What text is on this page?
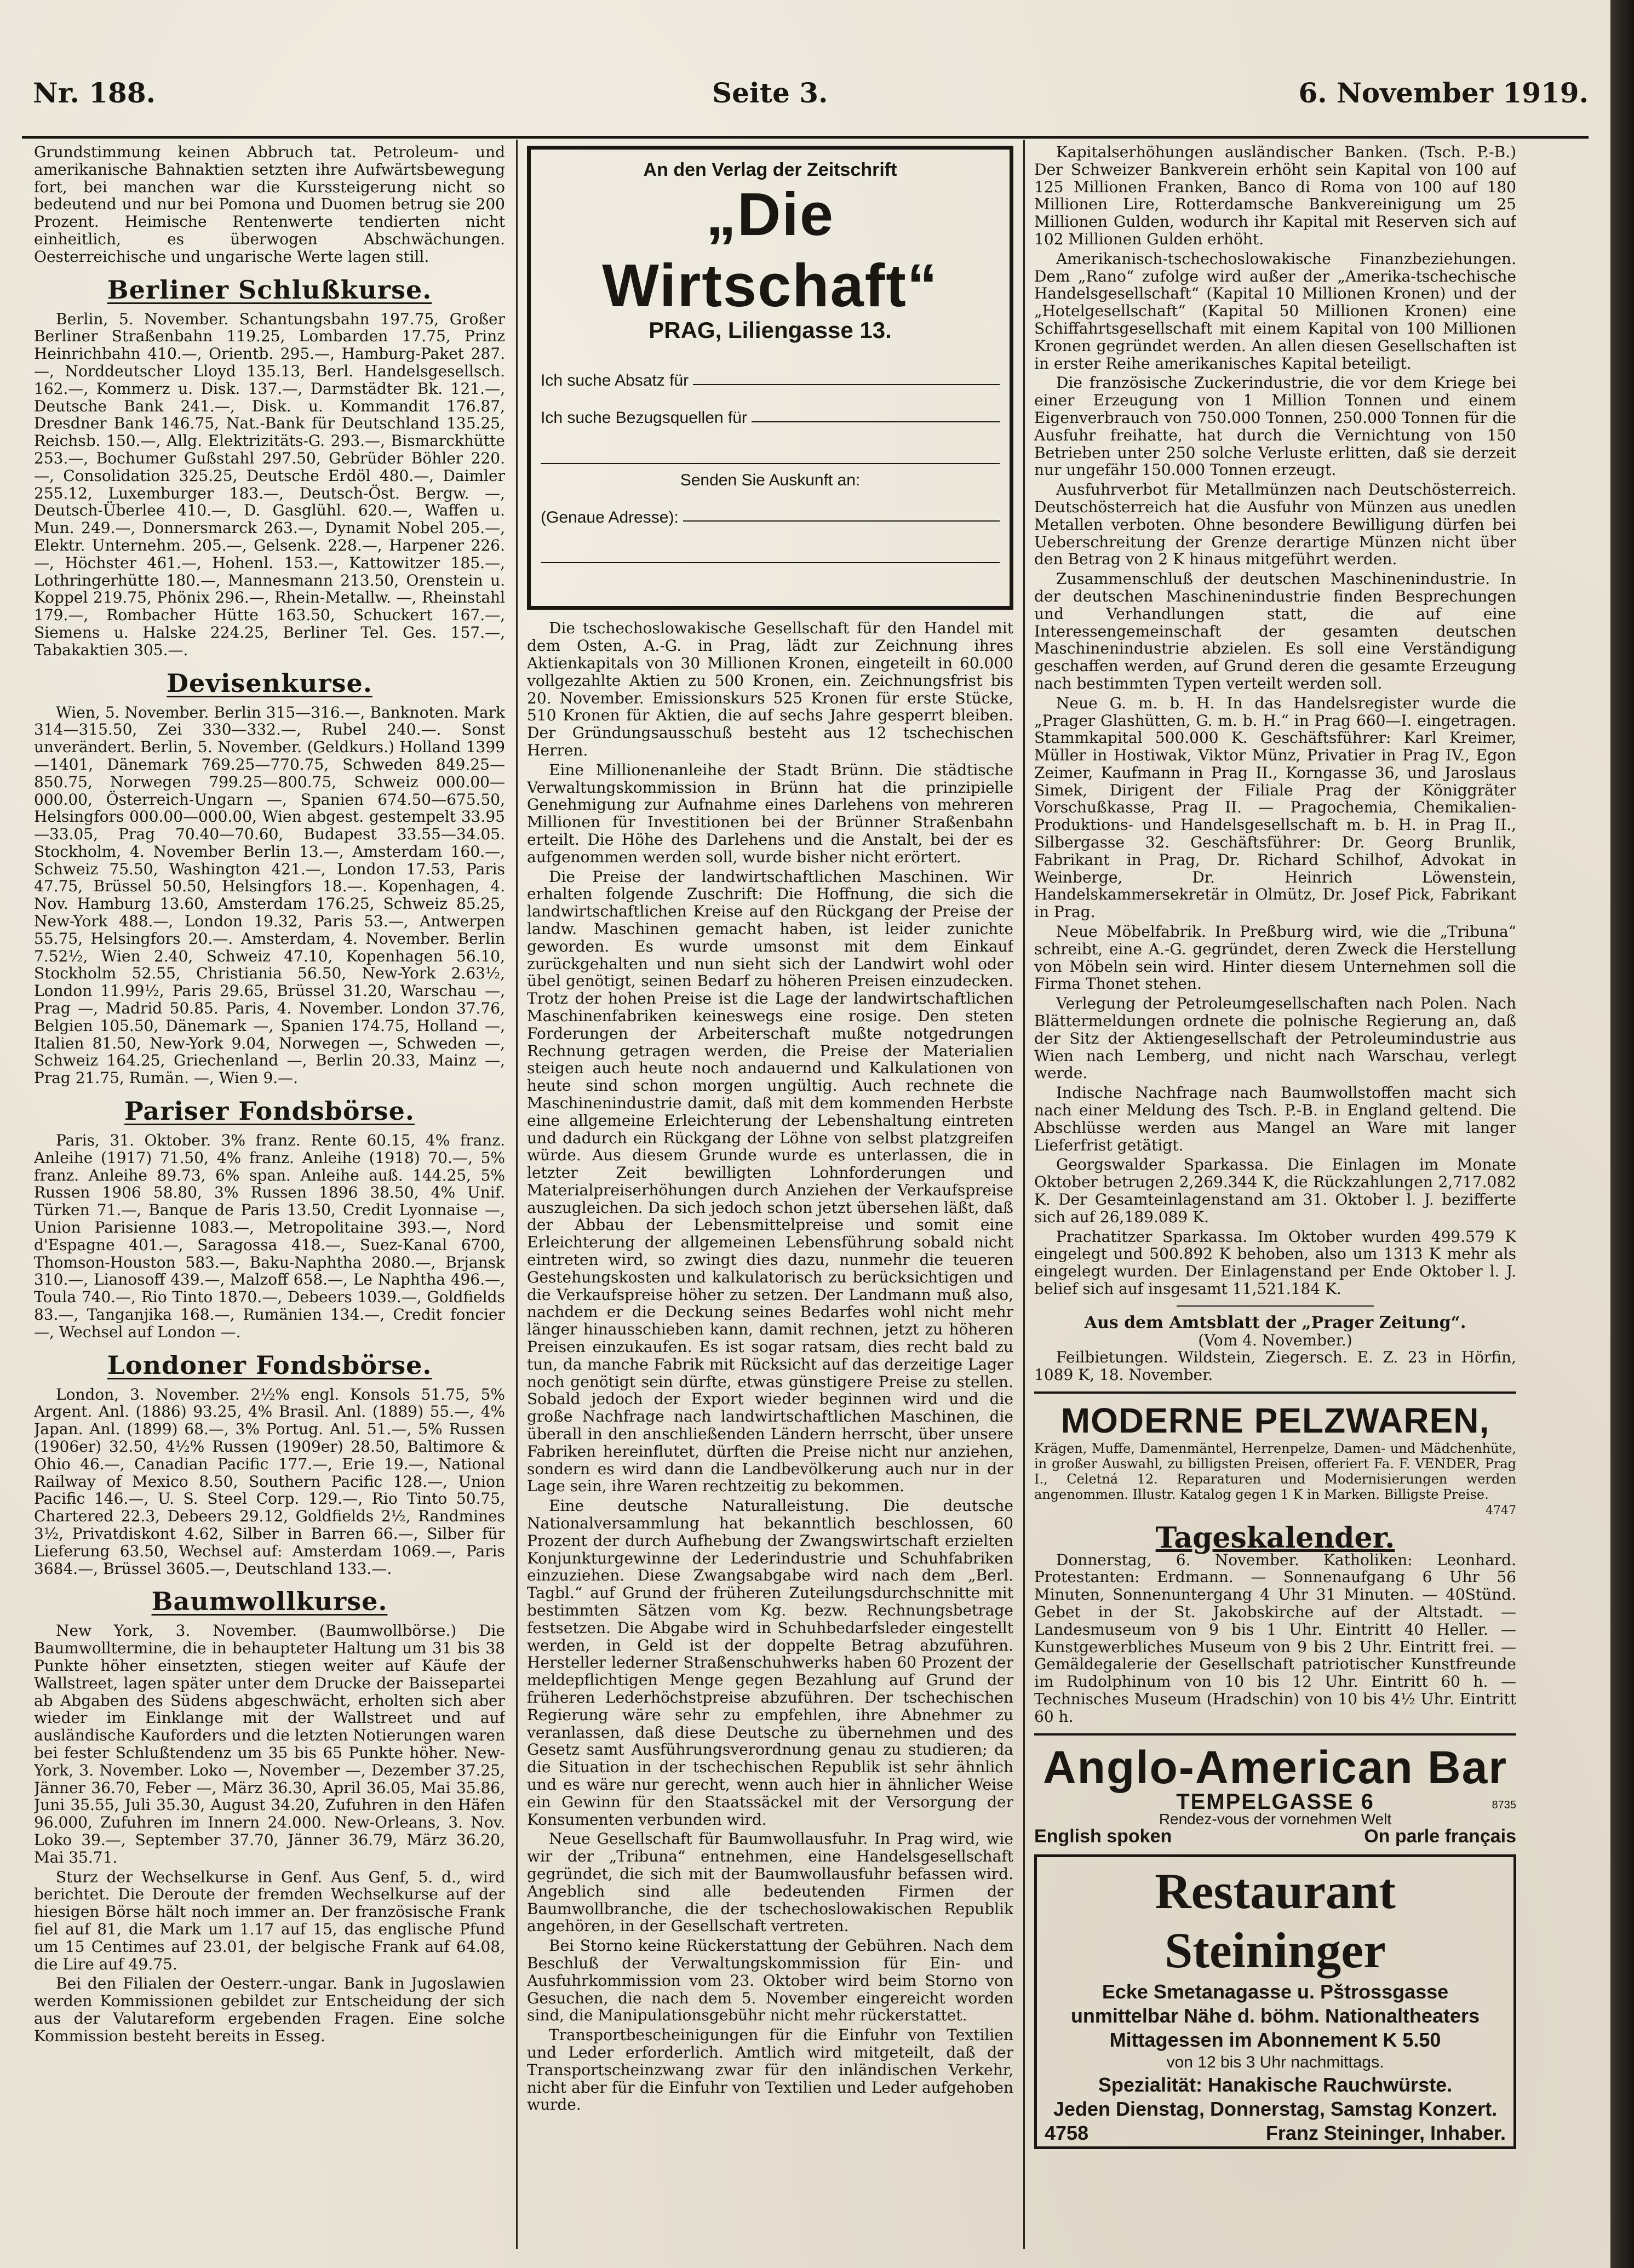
Nr. 188.	Seite 3.	6. November 1919.

Grundstimmung keinen Abbruch tat. Petroleum- und amerikanische Bahnaktien setzten ihre Aufwärtsbewegung fort, bei manchen war die Kurssteigerung nicht so bedeutend und nur bei Pomona und Duomen betrug sie 200 Prozent. Heimische Rentenwerte tendierten nicht einheitlich, es überwogen Abschwächungen. Oesterreichische und ungarische Werte lagen still.

Berliner Schlußkurse.

Berlin, 5. November. Schantungsbahn 197.75, Großer Berliner Straßenbahn 119.25, Lombarden 17.75, Prinz Heinrichbahn 410.—, Orientb. 295.—, Hamburg-Paket 287.—, Norddeutscher Lloyd 135.13, Berl. Handelsgesellsch. 162.—, Kommerz u. Disk. 137.—, Darmstädter Bk. 121.—, Deutsche Bank 241.—, Disk. u. Kommandit 176.87, Dresdner Bank 146.75, Nat.-Bank für Deutschland 135.25, Reichsb. 150.—, Allg. Elektrizitäts-G. 293.—, Bismarckhütte 253.—, Bochumer Gußstahl 297.50, Gebrüder Böhler 220.—, Consolidation 325.25, Deutsche Erdöl 480.—, Daimler 255.12, Luxemburger 183.—, Deutsch-Öst. Bergw. —, Deutsch-Überlee 410.—, D. Gasglühl. 620.—, Waffen u. Mun. 249.—, Donnersmarck 263.—, Dynamit Nobel 205.—, Elektr. Unternehm. 205.—, Gelsenk. 228.—, Harpener 226.—, Höchster 461.—, Hohenl. 153.—, Kattowitzer 185.—, Lothringerhütte 180.—, Mannesmann 213.50, Orenstein u. Koppel 219.75, Phönix 296.—, Rhein-Metallw. —, Rheinstahl 179.—, Rombacher Hütte 163.50, Schuckert 167.—, Siemens u. Halske 224.25, Berliner Tel. Ges. 157.—, Tabakaktien 305.—.

Devisenkurse.

Wien, 5. November. Berlin 315—316.—, Banknoten. Mark 314—315.50, Zei 330—332.—, Rubel 240.—. Sonst unverändert. Berlin, 5. November. (Geldkurs.) Holland 1399—1401, Dänemark 769.25—770.75, Schweden 849.25—850.75, Norwegen 799.25—800.75, Schweiz 000.00—000.00, Österreich-Ungarn —, Spanien 674.50—675.50, Helsingfors 000.00—000.00, Wien abgest. gestempelt 33.95—33.05, Prag 70.40—70.60, Budapest 33.55—34.05. Stockholm, 4. November Berlin 13.—, Amsterdam 160.—, Schweiz 75.50, Washington 421.—, London 17.53, Paris 47.75, Brüssel 50.50, Helsingfors 18.—. Kopenhagen, 4. Nov. Hamburg 13.60, Amsterdam 176.25, Schweiz 85.25, New-York 488.—, London 19.32, Paris 53.—, Antwerpen 55.75, Helsingfors 20.—. Amsterdam, 4. November. Berlin 7.52½, Wien 2.40, Schweiz 47.10, Kopenhagen 56.10, Stockholm 52.55, Christiania 56.50, New-York 2.63½, London 11.99½, Paris 29.65, Brüssel 31.20, Warschau —, Prag —, Madrid 50.85. Paris, 4. November. London 37.76, Belgien 105.50, Dänemark —, Spanien 174.75, Holland —, Italien 81.50, New-York 9.04, Norwegen —, Schweden —, Schweiz 164.25, Griechenland —, Berlin 20.33, Mainz —, Prag 21.75, Rumän. —, Wien 9.—.

Pariser Fondsbörse.

Paris, 31. Oktober. 3% franz. Rente 60.15, 4% franz. Anleihe (1917) 71.50, 4% franz. Anleihe (1918) 70.—, 5% franz. Anleihe 89.73, 6% span. Anleihe auß. 144.25, 5% Russen 1906 58.80, 3% Russen 1896 38.50, 4% Unif. Türken 71.—, Banque de Paris 13.50, Credit Lyonnaise —, Union Parisienne 1083.—, Metropolitaine 393.—, Nord d'Espagne 401.—, Saragossa 418.—, Suez-Kanal 6700, Thomson-Houston 583.—, Baku-Naphtha 2080.—, Brjansk 310.—, Lianosoff 439.—, Malzoff 658.—, Le Naphtha 496.—, Toula 740.—, Rio Tinto 1870.—, Debeers 1039.—, Goldfields 83.—, Tanganjika 168.—, Rumänien 134.—, Credit foncier —, Wechsel auf London —.

Londoner Fondsbörse.

London, 3. November. 2½% engl. Konsols 51.75, 5% Argent. Anl. (1886) 93.25, 4% Brasil. Anl. (1889) 55.—, 4% Japan. Anl. (1899) 68.—, 3% Portug. Anl. 51.—, 5% Russen (1906er) 32.50, 4½% Russen (1909er) 28.50, Baltimore & Ohio 46.—, Canadian Pacific 177.—, Erie 19.—, National Railway of Mexico 8.50, Southern Pacific 128.—, Union Pacific 146.—, U. S. Steel Corp. 129.—, Rio Tinto 50.75, Chartered 22.3, Debeers 29.12, Goldfields 2½, Randmines 3½, Privatdiskont 4.62, Silber in Barren 66.—, Silber für Lieferung 63.50, Wechsel auf: Amsterdam 1069.—, Paris 3684.—, Brüssel 3605.—, Deutschland 133.—.

Baumwollkurse.

New York, 3. November. (Baumwollbörse.) Die Baumwolltermine, die in behaupteter Haltung um 31 bis 38 Punkte höher einsetzten, stiegen weiter auf Käufe der Wallstreet, lagen später unter dem Drucke der Baissepartei ab Abgaben des Südens abgeschwächt, erholten sich aber wieder im Einklange mit der Wallstreet und auf ausländische Kauforders und die letzten Notierungen waren bei fester Schlußtendenz um 35 bis 65 Punkte höher. New-York, 3. November. Loko —, November —, Dezember 37.25, Jänner 36.70, Feber —, März 36.30, April 36.05, Mai 35.86, Juni 35.55, Juli 35.30, August 34.20, Zufuhren in den Häfen 96.000, Zufuhren im Innern 24.000. New-Orleans, 3. Nov. Loko 39.—, September 37.70, Jänner 36.79, März 36.20, Mai 35.71.

Sturz der Wechselkurse in Genf. Aus Genf, 5. d., wird berichtet. Die Deroute der fremden Wechselkurse auf der hiesigen Börse hält noch immer an. Der französische Frank fiel auf 81, die Mark um 1.17 auf 15, das englische Pfund um 15 Centimes auf 23.01, der belgische Frank auf 64.08, die Lire auf 49.75.

Bei den Filialen der Oesterr.-ungar. Bank in Jugoslawien werden Kommissionen gebildet zur Entscheidung der sich aus der Valutareform ergebenden Fragen. Eine solche Kommission besteht bereits in Esseg.

An den Verlag der Zeitschrift
„Die Wirtschaft“
PRAG, Liliengasse 13.
Ich suche Absatz für
Ich suche Bezugsquellen für
Senden Sie Auskunft an:
(Genaue Adresse):

Die tschechoslowakische Gesellschaft für den Handel mit dem Osten, A.-G. in Prag, lädt zur Zeichnung ihres Aktienkapitals von 30 Millionen Kronen, eingeteilt in 60.000 vollgezahlte Aktien zu 500 Kronen, ein. Zeichnungsfrist bis 20. November. Emissionskurs 525 Kronen für erste Stücke, 510 Kronen für Aktien, die auf sechs Jahre gesperrt bleiben. Der Gründungsausschuß besteht aus 12 tschechischen Herren.

Eine Millionenanleihe der Stadt Brünn. Die städtische Verwaltungskommission in Brünn hat die prinzipielle Genehmigung zur Aufnahme eines Darlehens von mehreren Millionen für Investitionen bei der Brünner Straßenbahn erteilt. Die Höhe des Darlehens und die Anstalt, bei der es aufgenommen werden soll, wurde bisher nicht erörtert.

Die Preise der landwirtschaftlichen Maschinen. Wir erhalten folgende Zuschrift: Die Hoffnung, die sich die landwirtschaftlichen Kreise auf den Rückgang der Preise der landw. Maschinen gemacht haben, ist leider zunichte geworden. Es wurde umsonst mit dem Einkauf zurückgehalten und nun sieht sich der Landwirt wohl oder übel genötigt, seinen Bedarf zu höheren Preisen einzudecken. Trotz der hohen Preise ist die Lage der landwirtschaftlichen Maschinenfabriken keineswegs eine rosige. Den steten Forderungen der Arbeiterschaft mußte notgedrungen Rechnung getragen werden, die Preise der Materialien steigen auch heute noch andauernd und Kalkulationen von heute sind schon morgen ungültig. Auch rechnete die Maschinenindustrie damit, daß mit dem kommenden Herbste eine allgemeine Erleichterung der Lebenshaltung eintreten und dadurch ein Rückgang der Löhne von selbst platzgreifen würde. Aus diesem Grunde wurde es unterlassen, die in letzter Zeit bewilligten Lohnforderungen und Materialpreiserhöhungen durch Anziehen der Verkaufspreise auszugleichen. Da sich jedoch schon jetzt übersehen läßt, daß der Abbau der Lebensmittelpreise und somit eine Erleichterung der allgemeinen Lebensführung sobald nicht eintreten wird, so zwingt dies dazu, nunmehr die teueren Gestehungskosten und kalkulatorisch zu berücksichtigen und die Verkaufspreise höher zu setzen. Der Landmann muß also, nachdem er die Deckung seines Bedarfes wohl nicht mehr länger hinausschieben kann, damit rechnen, jetzt zu höheren Preisen einzukaufen. Es ist sogar ratsam, dies recht bald zu tun, da manche Fabrik mit Rücksicht auf das derzeitige Lager noch genötigt sein dürfte, etwas günstigere Preise zu stellen. Sobald jedoch der Export wieder beginnen wird und die große Nachfrage nach landwirtschaftlichen Maschinen, die überall in den anschließenden Ländern herrscht, über unsere Fabriken hereinflutet, dürften die Preise nicht nur anziehen, sondern es wird dann die Landbevölkerung auch nur in der Lage sein, ihre Waren rechtzeitig zu bekommen.

Eine deutsche Naturalleistung. Die deutsche Nationalversammlung hat bekanntlich beschlossen, 60 Prozent der durch Aufhebung der Zwangswirtschaft erzielten Konjunkturgewinne der Lederindustrie und Schuhfabriken einzuziehen. Diese Zwangsabgabe wird nach dem „Berl. Tagbl.“ auf Grund der früheren Zuteilungsdurchschnitte mit bestimmten Sätzen vom Kg. bezw. Rechnungsbetrage festsetzen. Die Abgabe wird in Schuhbedarfsleder eingestellt werden, in Geld ist der doppelte Betrag abzuführen. Hersteller lederner Straßenschuhwerks haben 60 Prozent der meldepflichtigen Menge gegen Bezahlung auf Grund der früheren Lederhöchstpreise abzuführen. Der tschechischen Regierung wäre sehr zu empfehlen, ihre Abnehmer zu veranlassen, daß diese Deutsche zu übernehmen und des Gesetz samt Ausführungsverordnung genau zu studieren; da die Situation in der tschechischen Republik ist sehr ähnlich und es wäre nur gerecht, wenn auch hier in ähnlicher Weise ein Gewinn für den Staatssäckel mit der Versorgung der Konsumenten verbunden wird.

Neue Gesellschaft für Baumwollausfuhr. In Prag wird, wie wir der „Tribuna“ entnehmen, eine Handelsgesellschaft gegründet, die sich mit der Baumwollausfuhr befassen wird. Angeblich sind alle bedeutenden Firmen der Baumwollbranche, die der tschechoslowakischen Republik angehören, in der Gesellschaft vertreten.

Bei Storno keine Rückerstattung der Gebühren. Nach dem Beschluß der Verwaltungskommission für Ein- und Ausfuhrkommission vom 23. Oktober wird beim Storno von Gesuchen, die nach dem 5. November eingereicht worden sind, die Manipulationsgebühr nicht mehr rückerstattet.

Transportbescheinigungen für die Einfuhr von Textilien und Leder erforderlich. Amtlich wird mitgeteilt, daß der Transportscheinzwang zwar für den inländischen Verkehr, nicht aber für die Einfuhr von Textilien und Leder aufgehoben wurde.

Kapitalserhöhungen ausländischer Banken. (Tsch. P.-B.) Der Schweizer Bankverein erhöht sein Kapital von 100 auf 125 Millionen Franken, Banco di Roma von 100 auf 180 Millionen Lire, Rotterdamsche Bankvereinigung um 25 Millionen Gulden, wodurch ihr Kapital mit Reserven sich auf 102 Millionen Gulden erhöht.

Amerikanisch-tschechoslowakische Finanzbeziehungen. Dem „Rano“ zufolge wird außer der „Amerika-tschechische Handelsgesellschaft“ (Kapital 10 Millionen Kronen) und der „Hotelgesellschaft“ (Kapital 50 Millionen Kronen) eine Schiffahrtsgesellschaft mit einem Kapital von 100 Millionen Kronen gegründet werden. An allen diesen Gesellschaften ist in erster Reihe amerikanisches Kapital beteiligt.

Die französische Zuckerindustrie, die vor dem Kriege bei einer Erzeugung von 1 Million Tonnen und einem Eigenverbrauch von 750.000 Tonnen, 250.000 Tonnen für die Ausfuhr freihatte, hat durch die Vernichtung von 150 Betrieben unter 250 solche Verluste erlitten, daß sie derzeit nur ungefähr 150.000 Tonnen erzeugt.

Ausfuhrverbot für Metallmünzen nach Deutschösterreich. Deutschösterreich hat die Ausfuhr von Münzen aus unedlen Metallen verboten. Ohne besondere Bewilligung dürfen bei Ueberschreitung der Grenze derartige Münzen nicht über den Betrag von 2 K hinaus mitgeführt werden.

Zusammenschluß der deutschen Maschinenindustrie. In der deutschen Maschinenindustrie finden Besprechungen und Verhandlungen statt, die auf eine Interessengemeinschaft der gesamten deutschen Maschinenindustrie abzielen. Es soll eine Verständigung geschaffen werden, auf Grund deren die gesamte Erzeugung nach bestimmten Typen verteilt werden soll.

Neue G. m. b. H. In das Handelsregister wurde die „Prager Glashütten, G. m. b. H.“ in Prag 660—I. eingetragen. Stammkapital 500.000 K. Geschäftsführer: Karl Kreimer, Müller in Hostiwak, Viktor Münz, Privatier in Prag IV., Egon Zeimer, Kaufmann in Prag II., Korngasse 36, und Jaroslaus Simek, Dirigent der Filiale Prag der Königgräter Vorschußkasse, Prag II. — Pragochemia, Chemikalien-Produktions- und Handelsgesellschaft m. b. H. in Prag II., Silbergasse 32. Geschäftsführer: Dr. Georg Brunlik, Fabrikant in Prag, Dr. Richard Schilhof, Advokat in Weinberge, Dr. Heinrich Löwenstein, Handelskammersekretär in Olmütz, Dr. Josef Pick, Fabrikant in Prag.

Neue Möbelfabrik. In Preßburg wird, wie die „Tribuna“ schreibt, eine A.-G. gegründet, deren Zweck die Herstellung von Möbeln sein wird. Hinter diesem Unternehmen soll die Firma Thonet stehen.

Verlegung der Petroleumgesellschaften nach Polen. Nach Blättermeldungen ordnete die polnische Regierung an, daß der Sitz der Aktiengesellschaft der Petroleumindustrie aus Wien nach Lemberg, und nicht nach Warschau, verlegt werde.

Indische Nachfrage nach Baumwollstoffen macht sich nach einer Meldung des Tsch. P.-B. in England geltend. Die Abschlüsse werden aus Mangel an Ware mit langer Lieferfrist getätigt.

Georgswalder Sparkassa. Die Einlagen im Monate Oktober betrugen 2,269.344 K, die Rückzahlungen 2,717.082 K. Der Gesamteinlagenstand am 31. Oktober l. J. bezifferte sich auf 26,189.089 K.

Prachatitzer Sparkassa. Im Oktober wurden 499.579 K eingelegt und 500.892 K behoben, also um 1313 K mehr als eingelegt wurden. Der Einlagenstand per Ende Oktober l. J. belief sich auf insgesamt 11,521.184 K.

Aus dem Amtsblatt der „Prager Zeitung“.
(Vom 4. November.)

Feilbietungen. Wildstein, Ziegersch. E. Z. 23 in Hörfin, 1089 K, 18. November.

MODERNE PELZWAREN,
Krägen, Muffe, Damenmäntel, Herrenpelze, Damen- und Mädchenhüte, in großer Auswahl, zu billigsten Preisen, offeriert Fa. F. VENDER, Prag I., Celetná 12. Reparaturen und Modernisierungen werden angenommen. Illustr. Katalog gegen 1 K in Marken. Billigste Preise.
4747
Tageskalender.

Donnerstag, 6. November. Katholiken: Leonhard. Protestanten: Erdmann. — Sonnenaufgang 6 Uhr 56 Minuten, Sonnenuntergang 4 Uhr 31 Minuten. — 40Stünd. Gebet in der St. Jakobskirche auf der Altstadt. — Landesmuseum von 9 bis 1 Uhr. Eintritt 40 Heller. — Kunstgewerbliches Museum von 9 bis 2 Uhr. Eintritt frei. — Gemäldegalerie der Gesellschaft patriotischer Kunstfreunde im Rudolphinum von 10 bis 12 Uhr. Eintritt 60 h. — Technisches Museum (Hradschin) von 10 bis 4½ Uhr. Eintritt 60 h.

Anglo-American Bar
TEMPELGASSE 6	8735
Rendez-vous der vornehmen Welt
English spoken	On parle français
Restaurant Steininger
Ecke Smetanagasse u. Pštrossgasse
unmittelbar Nähe d. böhm. Nationaltheaters
Mittagessen im Abonnement K 5.50
von 12 bis 3 Uhr nachmittags.
Spezialität: Hanakische Rauchwürste.
Jeden Dienstag, Donnerstag, Samstag Konzert.
4758	Franz Steininger, Inhaber.
